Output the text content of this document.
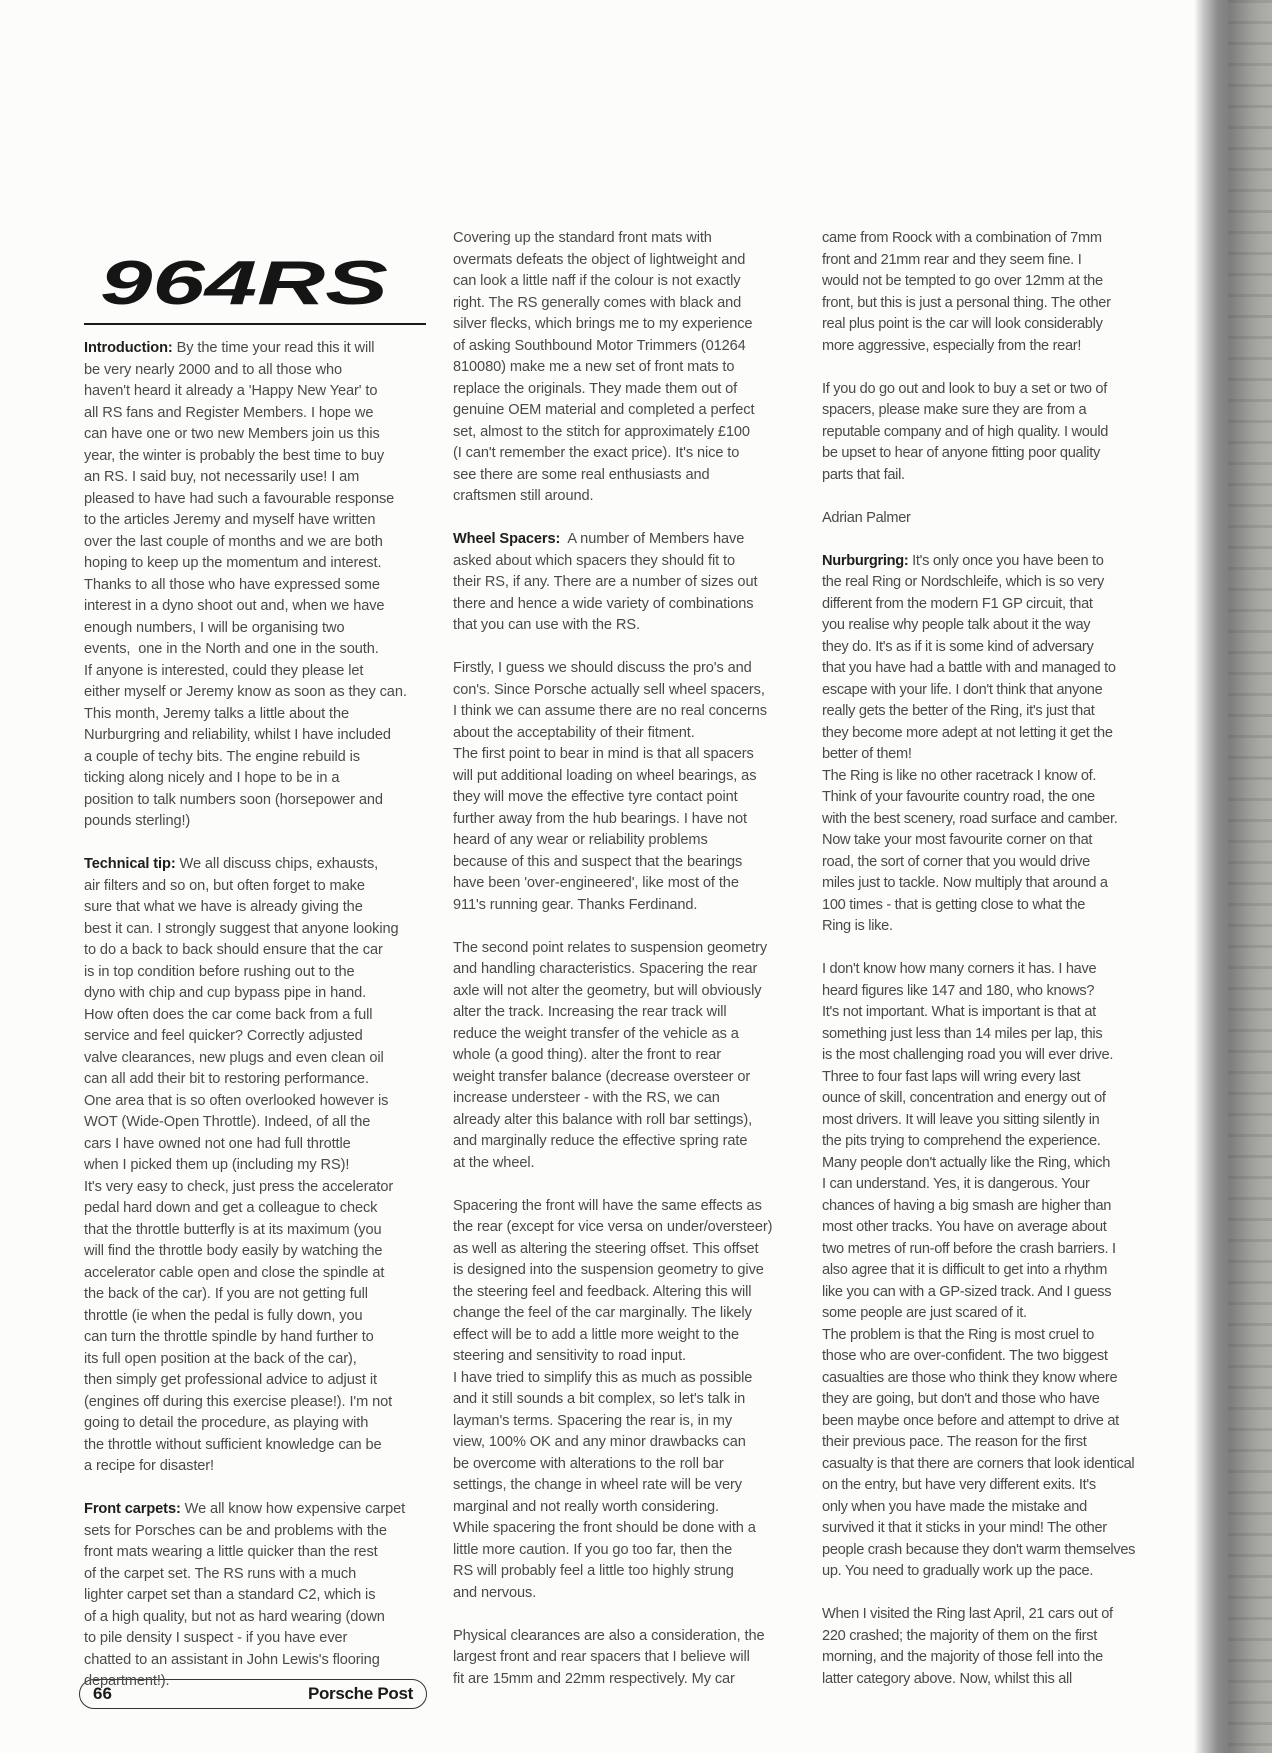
964RS
Introduction: By the time your read this it will
be very nearly 2000 and to all those who
haven't heard it already a 'Happy New Year' to
all RS fans and Register Members. I hope we
can have one or two new Members join us this
year, the winter is probably the best time to buy
an RS. I said buy, not necessarily use! I am
pleased to have had such a favourable response
to the articles Jeremy and myself have written
over the last couple of months and we are both
hoping to keep up the momentum and interest.
Thanks to all those who have expressed some
interest in a dyno shoot out and, when we have
enough numbers, I will be organising two
events,  one in the North and one in the south.
If anyone is interested, could they please let
either myself or Jeremy know as soon as they can.
This month, Jeremy talks a little about the
Nurburgring and reliability, whilst I have included
a couple of techy bits. The engine rebuild is
ticking along nicely and I hope to be in a
position to talk numbers soon (horsepower and
pounds sterling!)
Technical tip: We all discuss chips, exhausts,
air filters and so on, but often forget to make
sure that what we have is already giving the
best it can. I strongly suggest that anyone looking
to do a back to back should ensure that the car
is in top condition before rushing out to the
dyno with chip and cup bypass pipe in hand.
How often does the car come back from a full
service and feel quicker? Correctly adjusted
valve clearances, new plugs and even clean oil
can all add their bit to restoring performance.
One area that is so often overlooked however is
WOT (Wide-Open Throttle). Indeed, of all the
cars I have owned not one had full throttle
when I picked them up (including my RS)!
It's very easy to check, just press the accelerator
pedal hard down and get a colleague to check
that the throttle butterfly is at its maximum (you
will find the throttle body easily by watching the
accelerator cable open and close the spindle at
the back of the car). If you are not getting full
throttle (ie when the pedal is fully down, you
can turn the throttle spindle by hand further to
its full open position at the back of the car),
then simply get professional advice to adjust it
(engines off during this exercise please!). I'm not
going to detail the procedure, as playing with
the throttle without sufficient knowledge can be
a recipe for disaster!
Front carpets: We all know how expensive carpet
sets for Porsches can be and problems with the
front mats wearing a little quicker than the rest
of the carpet set. The RS runs with a much
lighter carpet set than a standard C2, which is
of a high quality, but not as hard wearing (down
to pile density I suspect - if you have ever
chatted to an assistant in John Lewis's flooring
department!).
Covering up the standard front mats with
overmats defeats the object of lightweight and
can look a little naff if the colour is not exactly
right. The RS generally comes with black and
silver flecks, which brings me to my experience
of asking Southbound Motor Trimmers (01264
810080) make me a new set of front mats to
replace the originals. They made them out of
genuine OEM material and completed a perfect
set, almost to the stitch for approximately £100
(I can't remember the exact price). It's nice to
see there are some real enthusiasts and
craftsmen still around.
Wheel Spacers:  A number of Members have
asked about which spacers they should fit to
their RS, if any. There are a number of sizes out
there and hence a wide variety of combinations
that you can use with the RS.
Firstly, I guess we should discuss the pro's and
con's. Since Porsche actually sell wheel spacers,
I think we can assume there are no real concerns
about the acceptability of their fitment.
The first point to bear in mind is that all spacers
will put additional loading on wheel bearings, as
they will move the effective tyre contact point
further away from the hub bearings. I have not
heard of any wear or reliability problems
because of this and suspect that the bearings
have been 'over-engineered', like most of the
911's running gear. Thanks Ferdinand.
The second point relates to suspension geometry
and handling characteristics. Spacering the rear
axle will not alter the geometry, but will obviously
alter the track. Increasing the rear track will
reduce the weight transfer of the vehicle as a
whole (a good thing). alter the front to rear
weight transfer balance (decrease oversteer or
increase understeer - with the RS, we can
already alter this balance with roll bar settings),
and marginally reduce the effective spring rate
at the wheel.
Spacering the front will have the same effects as
the rear (except for vice versa on under/oversteer)
as well as altering the steering offset. This offset
is designed into the suspension geometry to give
the steering feel and feedback. Altering this will
change the feel of the car marginally. The likely
effect will be to add a little more weight to the
steering and sensitivity to road input.
I have tried to simplify this as much as possible
and it still sounds a bit complex, so let's talk in
layman's terms. Spacering the rear is, in my
view, 100% OK and any minor drawbacks can
be overcome with alterations to the roll bar
settings, the change in wheel rate will be very
marginal and not really worth considering.
While spacering the front should be done with a
little more caution. If you go too far, then the
RS will probably feel a little too highly strung
and nervous.
Physical clearances are also a consideration, the
largest front and rear spacers that I believe will
fit are 15mm and 22mm respectively. My car
came from Roock with a combination of 7mm
front and 21mm rear and they seem fine. I
would not be tempted to go over 12mm at the
front, but this is just a personal thing. The other
real plus point is the car will look considerably
more aggressive, especially from the rear!
If you do go out and look to buy a set or two of
spacers, please make sure they are from a
reputable company and of high quality. I would
be upset to hear of anyone fitting poor quality
parts that fail.
Adrian Palmer
Nurburgring: It's only once you have been to
the real Ring or Nordschleife, which is so very
different from the modern F1 GP circuit, that
you realise why people talk about it the way
they do. It's as if it is some kind of adversary
that you have had a battle with and managed to
escape with your life. I don't think that anyone
really gets the better of the Ring, it's just that
they become more adept at not letting it get the
better of them!
The Ring is like no other racetrack I know of.
Think of your favourite country road, the one
with the best scenery, road surface and camber.
Now take your most favourite corner on that
road, the sort of corner that you would drive
miles just to tackle. Now multiply that around a
100 times - that is getting close to what the
Ring is like.
I don't know how many corners it has. I have
heard figures like 147 and 180, who knows?
It's not important. What is important is that at
something just less than 14 miles per lap, this
is the most challenging road you will ever drive.
Three to four fast laps will wring every last
ounce of skill, concentration and energy out of
most drivers. It will leave you sitting silently in
the pits trying to comprehend the experience.
Many people don't actually like the Ring, which
I can understand. Yes, it is dangerous. Your
chances of having a big smash are higher than
most other tracks. You have on average about
two metres of run-off before the crash barriers. I
also agree that it is difficult to get into a rhythm
like you can with a GP-sized track. And I guess
some people are just scared of it.
The problem is that the Ring is most cruel to
those who are over-confident. The two biggest
casualties are those who think they know where
they are going, but don't and those who have
been maybe once before and attempt to drive at
their previous pace. The reason for the first
casualty is that there are corners that look identical
on the entry, but have very different exits. It's
only when you have made the mistake and
survived it that it sticks in your mind! The other
people crash because they don't warm themselves
up. You need to gradually work up the pace.
When I visited the Ring last April, 21 cars out of
220 crashed; the majority of them on the first
morning, and the majority of those fell into the
latter category above. Now, whilst this all
66	Porsche Post
